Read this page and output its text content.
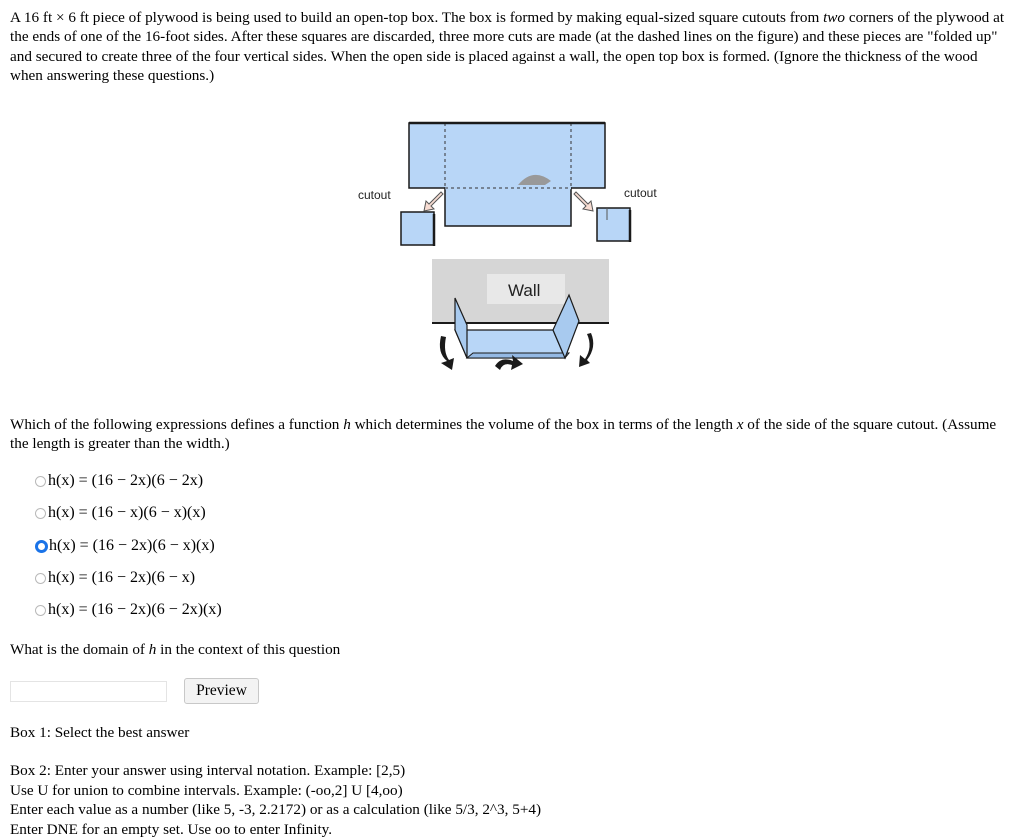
A 16 ft × 6 ft piece of plywood is being used to build an open-top box. The box is formed by making equal-sized square cutouts from two corners of the plywood at the ends of one of the 16-foot sides. After these squares are discarded, three more cuts are made (at the dashed lines on the figure) and these pieces are "folded up" and secured to create three of the four vertical sides. When the open side is placed against a wall, the open top box is formed. (Ignore the thickness of the wood when answering these questions.)
cutout	cutout
Wall
Which of the following expressions defines a function h which determines the volume of the box in terms of the length x of the side of the square cutout. (Assume the length is greater than the width.)
h(x) = (16 − 2x)(6 − 2x)
h(x) = (16 − x)(6 − x)(x)
h(x) = (16 − 2x)(6 − x)(x)
h(x) = (16 − 2x)(6 − x)
h(x) = (16 − 2x)(6 − 2x)(x)
What is the domain of h in the context of this question
Preview
Box 1: Select the best answer
Box 2: Enter your answer using interval notation. Example: [2,5)
Use U for union to combine intervals. Example: (-oo,2] U [4,oo)
Enter each value as a number (like 5, -3, 2.2172) or as a calculation (like 5/3, 2^3, 5+4)
Enter DNE for an empty set. Use oo to enter Infinity.
